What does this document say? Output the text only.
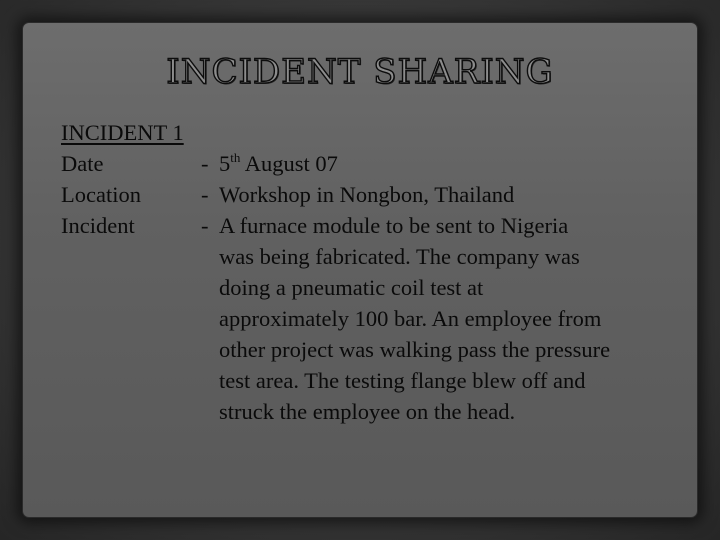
INCIDENT SHARING
INCIDENT 1
Date	- 5th August 07
Location	- Workshop in Nongbon, Thailand
Incident	- A furnace module to be sent to Nigeria
was being fabricated. The company was
doing a pneumatic coil test at
approximately 100 bar. An employee from
other project was walking pass the pressure
test area. The testing flange blew off and
struck the employee on the head.
